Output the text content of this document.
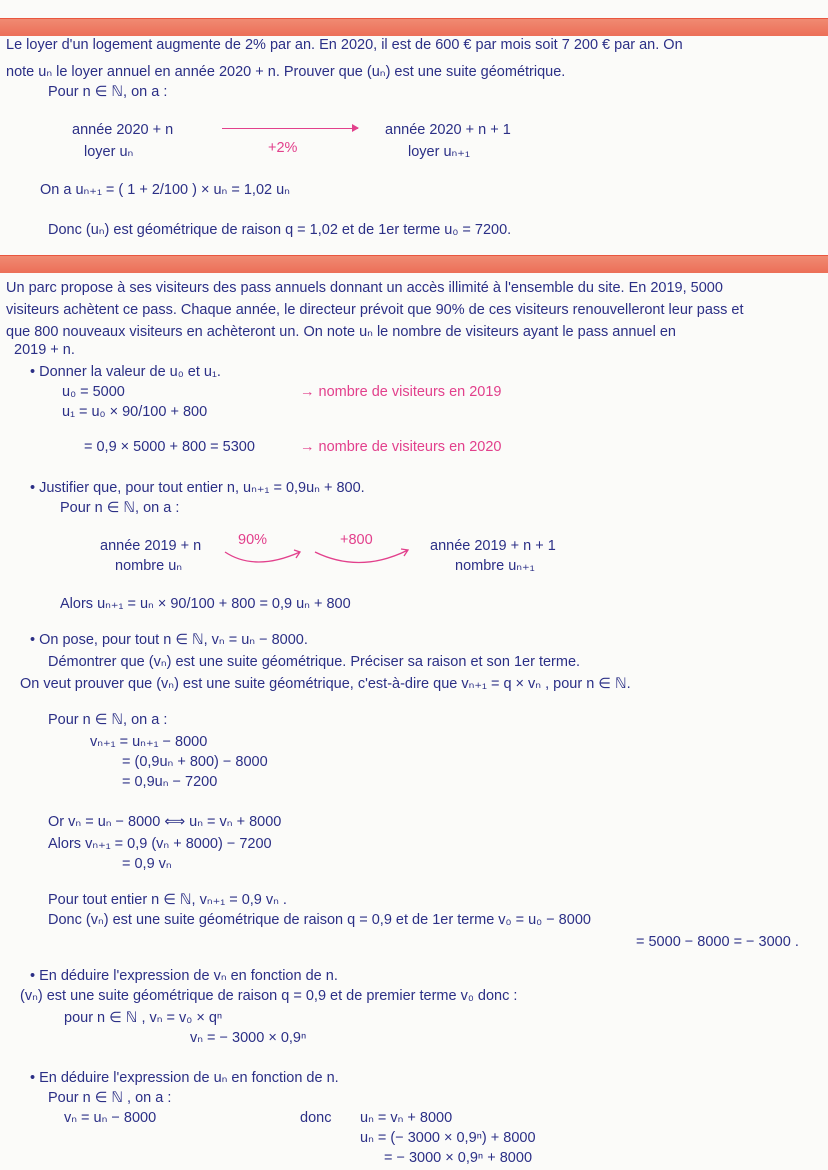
Le loyer d'un logement augmente de 2% par an. En 2020, il est de 600 € par mois soit 7 200 € par an. On
note uₙ le loyer annuel en année 2020 + n. Prouver que (uₙ) est une suite géométrique.
Pour n ∈ ℕ, on a :
année 2020 + n	année 2020 + n + 1
loyer uₙ	+2%	loyer uₙ₊₁
On a uₙ₊₁ = ( 1 + 2/100 ) × uₙ = 1,02 uₙ
Donc (uₙ) est géométrique de raison q = 1,02 et de 1er terme u₀ = 7200.
Un parc propose à ses visiteurs des pass annuels donnant un accès illimité à l'ensemble du site. En 2019, 5000
visiteurs achètent ce pass. Chaque année, le directeur prévoit que 90% de ces visiteurs renouvelleront leur pass et
que 800 nouveaux visiteurs en achèteront un. On note uₙ le nombre de visiteurs ayant le pass annuel en
2019 + n.
• Donner la valeur de u₀ et u₁.
u₀ = 5000	→ nombre de visiteurs en 2019
u₁ = u₀ × 90/100 + 800
= 0,9 × 5000 + 800 = 5300	→ nombre de visiteurs en 2020
• Justifier que, pour tout entier n, uₙ₊₁ = 0,9uₙ + 800.
Pour n ∈ ℕ, on a :
année 2019 + n	90%	+800	année 2019 + n + 1
nombre uₙ	nombre uₙ₊₁
Alors uₙ₊₁ = uₙ × 90/100 + 800 = 0,9 uₙ + 800
• On pose, pour tout n ∈ ℕ, vₙ = uₙ − 8000.
Démontrer que (vₙ) est une suite géométrique. Préciser sa raison et son 1er terme.
On veut prouver que (vₙ) est une suite géométrique, c'est-à-dire que vₙ₊₁ = q × vₙ , pour n ∈ ℕ.
Pour n ∈ ℕ, on a :
vₙ₊₁ = uₙ₊₁ − 8000
= (0,9uₙ + 800) − 8000
= 0,9uₙ − 7200
Or vₙ = uₙ − 8000 ⟺ uₙ = vₙ + 8000
Alors vₙ₊₁ = 0,9 (vₙ + 8000) − 7200
= 0,9 vₙ
Pour tout entier n ∈ ℕ, vₙ₊₁ = 0,9 vₙ .
Donc (vₙ) est une suite géométrique de raison q = 0,9 et de 1er terme v₀ = u₀ − 8000
= 5000 − 8000 = − 3000 .
• En déduire l'expression de vₙ en fonction de n.
(vₙ) est une suite géométrique de raison q = 0,9 et de premier terme v₀ donc :
pour n ∈ ℕ , vₙ = v₀ × qⁿ
vₙ = − 3000 × 0,9ⁿ
• En déduire l'expression de uₙ en fonction de n.
Pour n ∈ ℕ , on a :
vₙ = uₙ − 8000	donc uₙ = vₙ + 8000
uₙ = (− 3000 × 0,9ⁿ) + 8000
= − 3000 × 0,9ⁿ + 8000
